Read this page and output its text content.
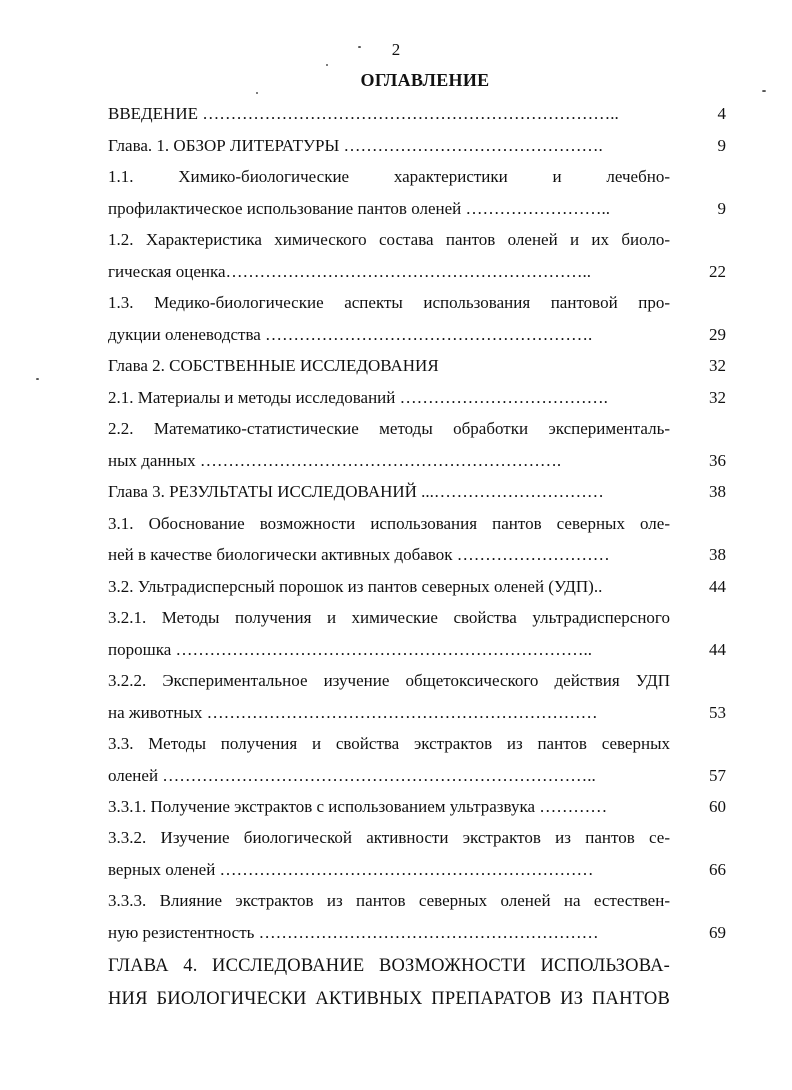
2
ОГЛАВЛЕНИЕ
ВВЕДЕНИЕ ………………………………………………………………..	4
Глава. 1. ОБЗОР ЛИТЕРАТУРЫ ……………………………………….	9
1.1. Химико-биологические характеристики и лечебно-
профилактическое использование пантов оленей ……………………..	9
1.2. Характеристика химического состава пантов оленей и их биоло-
гическая оценка………………………………………………………..	22
1.3. Медико-биологические аспекты использования пантовой про-
дукции оленеводства ………………………………………………….	29
Глава 2. СОБСТВЕННЫЕ ИССЛЕДОВАНИЯ	32
2.1. Материалы и методы исследований ……………………………….	32
2.2. Математико-статистические методы обработки эксперименталь-
ных данных ……………………………………………………….	36
Глава 3. РЕЗУЛЬТАТЫ ИССЛЕДОВАНИЙ ...…………………………	38
3.1. Обоснование возможности использования пантов северных оле-
ней в качестве биологически активных добавок ………………………	38
3.2. Ультрадисперсный порошок из пантов северных оленей (УДП)..	44
3.2.1. Методы получения и химические свойства ультрадисперсного
порошка ………………………………………………………………..	44
3.2.2. Экспериментальное изучение общетоксического действия УДП
на животных ……………………………………………………………	53
3.3. Методы получения и свойства экстрактов из пантов северных
оленей …………………………………………………………………..	57
3.3.1. Получение экстрактов с использованием ультразвука …………	60
3.3.2. Изучение биологической активности экстрактов из пантов се-
верных оленей …………………………………………………………	66
3.3.3. Влияние экстрактов из пантов северных оленей на естествен-
ную резистентность ……………………………………………………	69
ГЛАВА 4. ИССЛЕДОВАНИЕ ВОЗМОЖНОСТИ ИСПОЛЬЗОВА-
НИЯ БИОЛОГИЧЕСКИ АКТИВНЫХ ПРЕПАРАТОВ ИЗ ПАНТОВ
